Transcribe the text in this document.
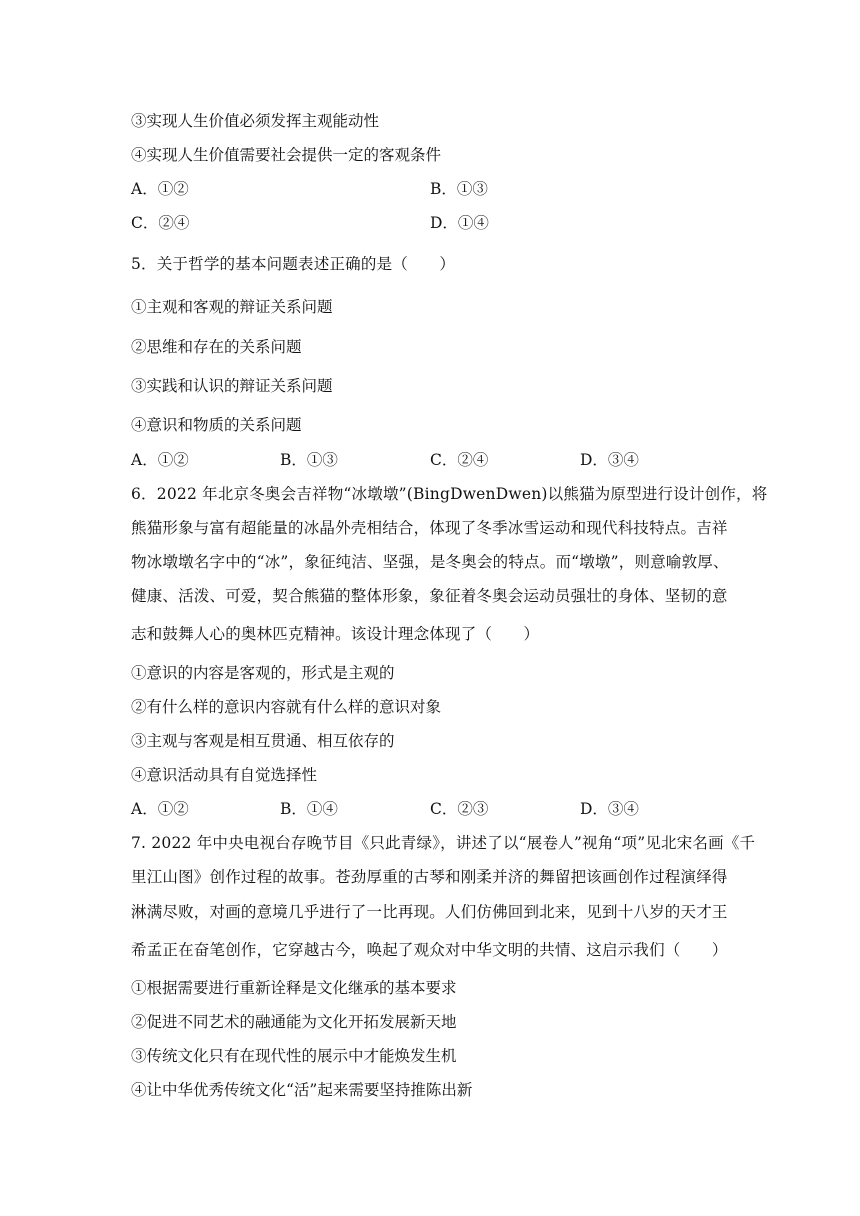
③实现人生价值必须发挥主观能动性
④实现人生价值需要社会提供一定的客观条件
A．①②	B．①③
C．②④	D．①④
5．关于哲学的基本问题表述正确的是（　　）
①主观和客观的辩证关系问题
②思维和存在的关系问题
③实践和认识的辩证关系问题
④意识和物质的关系问题
A．①②	B．①③	C．②④	D．③④
6．2022 年北京冬奥会吉祥物“冰墩墩”(BingDwenDwen)以熊猫为原型进行设计创作，将
熊猫形象与富有超能量的冰晶外壳相结合，体现了冬季冰雪运动和现代科技特点。吉祥
物冰墩墩名字中的“冰”，象征纯洁、坚强，是冬奥会的特点。而“墩墩”，则意喻敦厚、
健康、活泼、可爱，契合熊猫的整体形象，象征着冬奥会运动员强壮的身体、坚韧的意
志和鼓舞人心的奥林匹克精神。该设计理念体现了（　　）
①意识的内容是客观的，形式是主观的
②有什么样的意识内容就有什么样的意识对象
③主观与客观是相互贯通、相互依存的
④意识活动具有自觉选择性
A．①②	B．①④	C．②③	D．③④
7. 2022 年中央电视台存晚节目《只此青绿》，讲述了以“展卷人”视角“项”见北宋名画《千
里江山图》创作过程的故事。苍劲厚重的古琴和刚柔并济的舞留把该画创作过程演绎得
淋满尽败，对画的意境几乎进行了一比再现。人们仿佛回到北来，见到十八岁的天才王
希孟正在奋笔创作，它穿越古今，唤起了观众对中华文明的共情、这启示我们（　　）
①根据需要进行重新诠释是文化继承的基本要求
②促进不同艺术的融通能为文化开拓发展新天地
③传统文化只有在现代性的展示中才能焕发生机
④让中华优秀传统文化“活”起来需要坚持推陈出新
